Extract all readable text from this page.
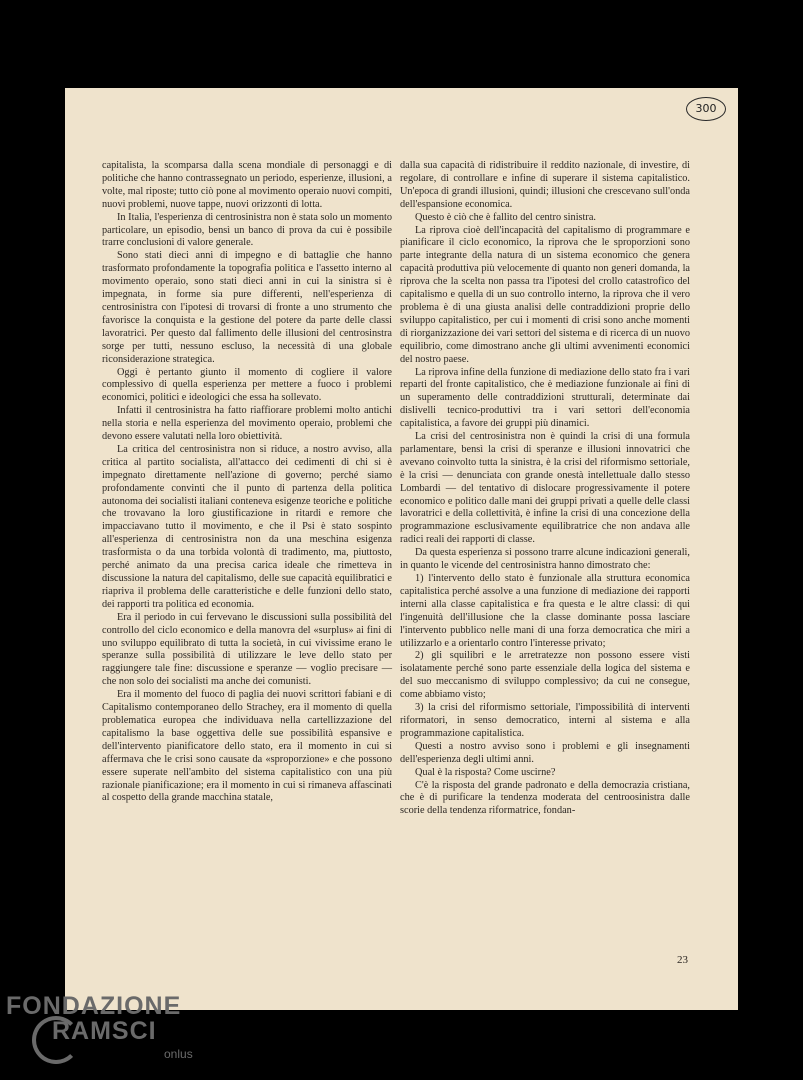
300

capitalista, la scomparsa dalla scena mondiale di personaggi e di politiche che hanno contrassegnato un periodo, esperienze, illusioni, a volte, mal riposte; tutto ciò pone al movimento operaio nuovi compiti, nuovi problemi, nuove tappe, nuovi orizzonti di lotta.

In Italia, l'esperienza di centrosinistra non è stata solo un momento particolare, un episodio, bensì un banco di prova da cui è possibile trarre conclusioni di valore generale.

Sono stati dieci anni di impegno e di battaglie che hanno trasformato profondamente la topografia politica e l'assetto interno al movimento operaio, sono stati dieci anni in cui la sinistra si è impegnata, in forme sia pure differenti, nell'esperienza di centrosinistra con l'ipotesi di trovarsi di fronte a uno strumento che favorisce la conquista e la gestione del potere da parte delle classi lavoratrici. Per questo dal fallimento delle illusioni del centrosinstra sorge per tutti, nessuno escluso, la necessità di una globale riconsiderazione strategica.

Oggi è pertanto giunto il momento di cogliere il valore complessivo di quella esperienza per mettere a fuoco i problemi economici, politici e ideologici che essa ha sollevato.

Infatti il centrosinistra ha fatto riaffiorare problemi molto antichi nella storia e nella esperienza del movimento operaio, problemi che devono essere valutati nella loro obiettività.

La critica del centrosinistra non si riduce, a nostro avviso, alla critica al partito socialista, all'attacco dei cedimenti di chi si è impegnato direttamente nell'azione di governo; perché siamo profondamente convinti che il punto di partenza della politica autonoma dei socialisti italiani conteneva esigenze teoriche e politiche che trovavano la loro giustificazione in ritardi e remore che impacciavano tutto il movimento, e che il Psi è stato sospinto all'esperienza di centrosinistra non da una meschina esigenza trasformista o da una torbida volontà di tradimento, ma, piuttosto, perché animato da una precisa carica ideale che rimetteva in discussione la natura del capitalismo, delle sue capacità equilibratici e riapriva il problema delle caratteristiche e delle funzioni dello stato, dei rapporti tra politica ed economia.

Era il periodo in cui fervevano le discussioni sulla possibilità del controllo del ciclo economico e della manovra del «surplus» ai fini di uno sviluppo equilibrato di tutta la società, in cui vivissime erano le speranze sulla possibilità di utilizzare le leve dello stato per raggiungere tale fine: discussione e speranze — voglio precisare — che non solo dei socialisti ma anche dei comunisti.

Era il momento del fuoco di paglia dei nuovi scrittori fabiani e di Capitalismo contemporaneo dello Strachey, era il momento di quella problematica europea che individuava nella cartellizzazione del capitalismo la base oggettiva delle sue possibilità espansive e dell'intervento pianificatore dello stato, era il momento in cui si affermava che le crisi sono causate da «sproporzione» e che possono essere superate nell'ambito del sistema capitalistico con una più razionale pianificazione; era il momento in cui si rimaneva affascinati al cospetto della grande macchina statale,

dalla sua capacità di ridistribuire il reddito nazionale, di investire, di regolare, di controllare e infine di superare il sistema capitalistico. Un'epoca di grandi illusioni, quindi; illusioni che crescevano sull'onda dell'espansione economica.

Questo è ciò che è fallito del centro sinistra.

La riprova cioè dell'incapacità del capitalismo di programmare e pianificare il ciclo economico, la riprova che le sproporzioni sono parte integrante della natura di un sistema economico che genera capacità produttiva più velocemente di quanto non generi domanda, la riprova che la scelta non passa tra l'ipotesi del crollo catastrofico del capitalismo e quella di un suo controllo interno, la riprova che il vero problema è di una giusta analisi delle contraddizioni proprie dello sviluppo capitalistico, per cui i momenti di crisi sono anche momenti di riorganizzazione dei vari settori del sistema e di ricerca di un nuovo equilibrio, come dimostrano anche gli ultimi avvenimenti economici del nostro paese.

La riprova infine della funzione di mediazione dello stato fra i vari reparti del fronte capitalistico, che è mediazione funzionale ai fini di un superamento delle contraddizioni strutturali, determinate dai dislivelli tecnico-produttivi tra i vari settori dell'economia capitalistica, a favore dei gruppi più dinamici.

La crisi del centrosinistra non è quindi la crisi di una formula parlamentare, bensì la crisi di speranze e illusioni innovatrici che avevano coinvolto tutta la sinistra, è la crisi del riformismo settoriale, è la crisi — denunciata con grande onestà intellettuale dallo stesso Lombardi — del tentativo di dislocare progressivamente il potere economico e politico dalle mani dei gruppi privati a quelle delle classi lavoratrici e della collettività, è infine la crisi di una concezione della programmazione esclusivamente equilibratrice che non andava alle radici reali dei rapporti di classe.

Da questa esperienza si possono trarre alcune indicazioni generali, in quanto le vicende del centrosinistra hanno dimostrato che:

1) l'intervento dello stato è funzionale alla struttura economica capitalistica perché assolve a una funzione di mediazione dei rapporti interni alla classe capitalistica e fra questa e le altre classi: di qui l'ingenuità dell'illusione che la classe dominante possa lasciare l'intervento pubblico nelle mani di una forza democratica che miri a utilizzarlo e a orientarlo contro l'interesse privato;

2) gli squilibri e le arretratezze non possono essere visti isolatamente perché sono parte essenziale della logica del sistema e del suo meccanismo di sviluppo complessivo; da cui ne consegue, come abbiamo visto;

3) la crisi del riformismo settoriale, l'impossibilità di interventi riformatori, in senso democratico, interni al sistema e alla programmazione capitalistica.

Questi a nostro avviso sono i problemi e gli insegnamenti dell'esperienza degli ultimi anni.

Qual è la risposta? Come uscirne?

C'è la risposta del grande padronato e della democrazia cristiana, che è di purificare la tendenza moderata del centroosinistra dalle scorie della tendenza riformatrice, fondan-

23
FONDAZIONE
RAMSCI
onlus
